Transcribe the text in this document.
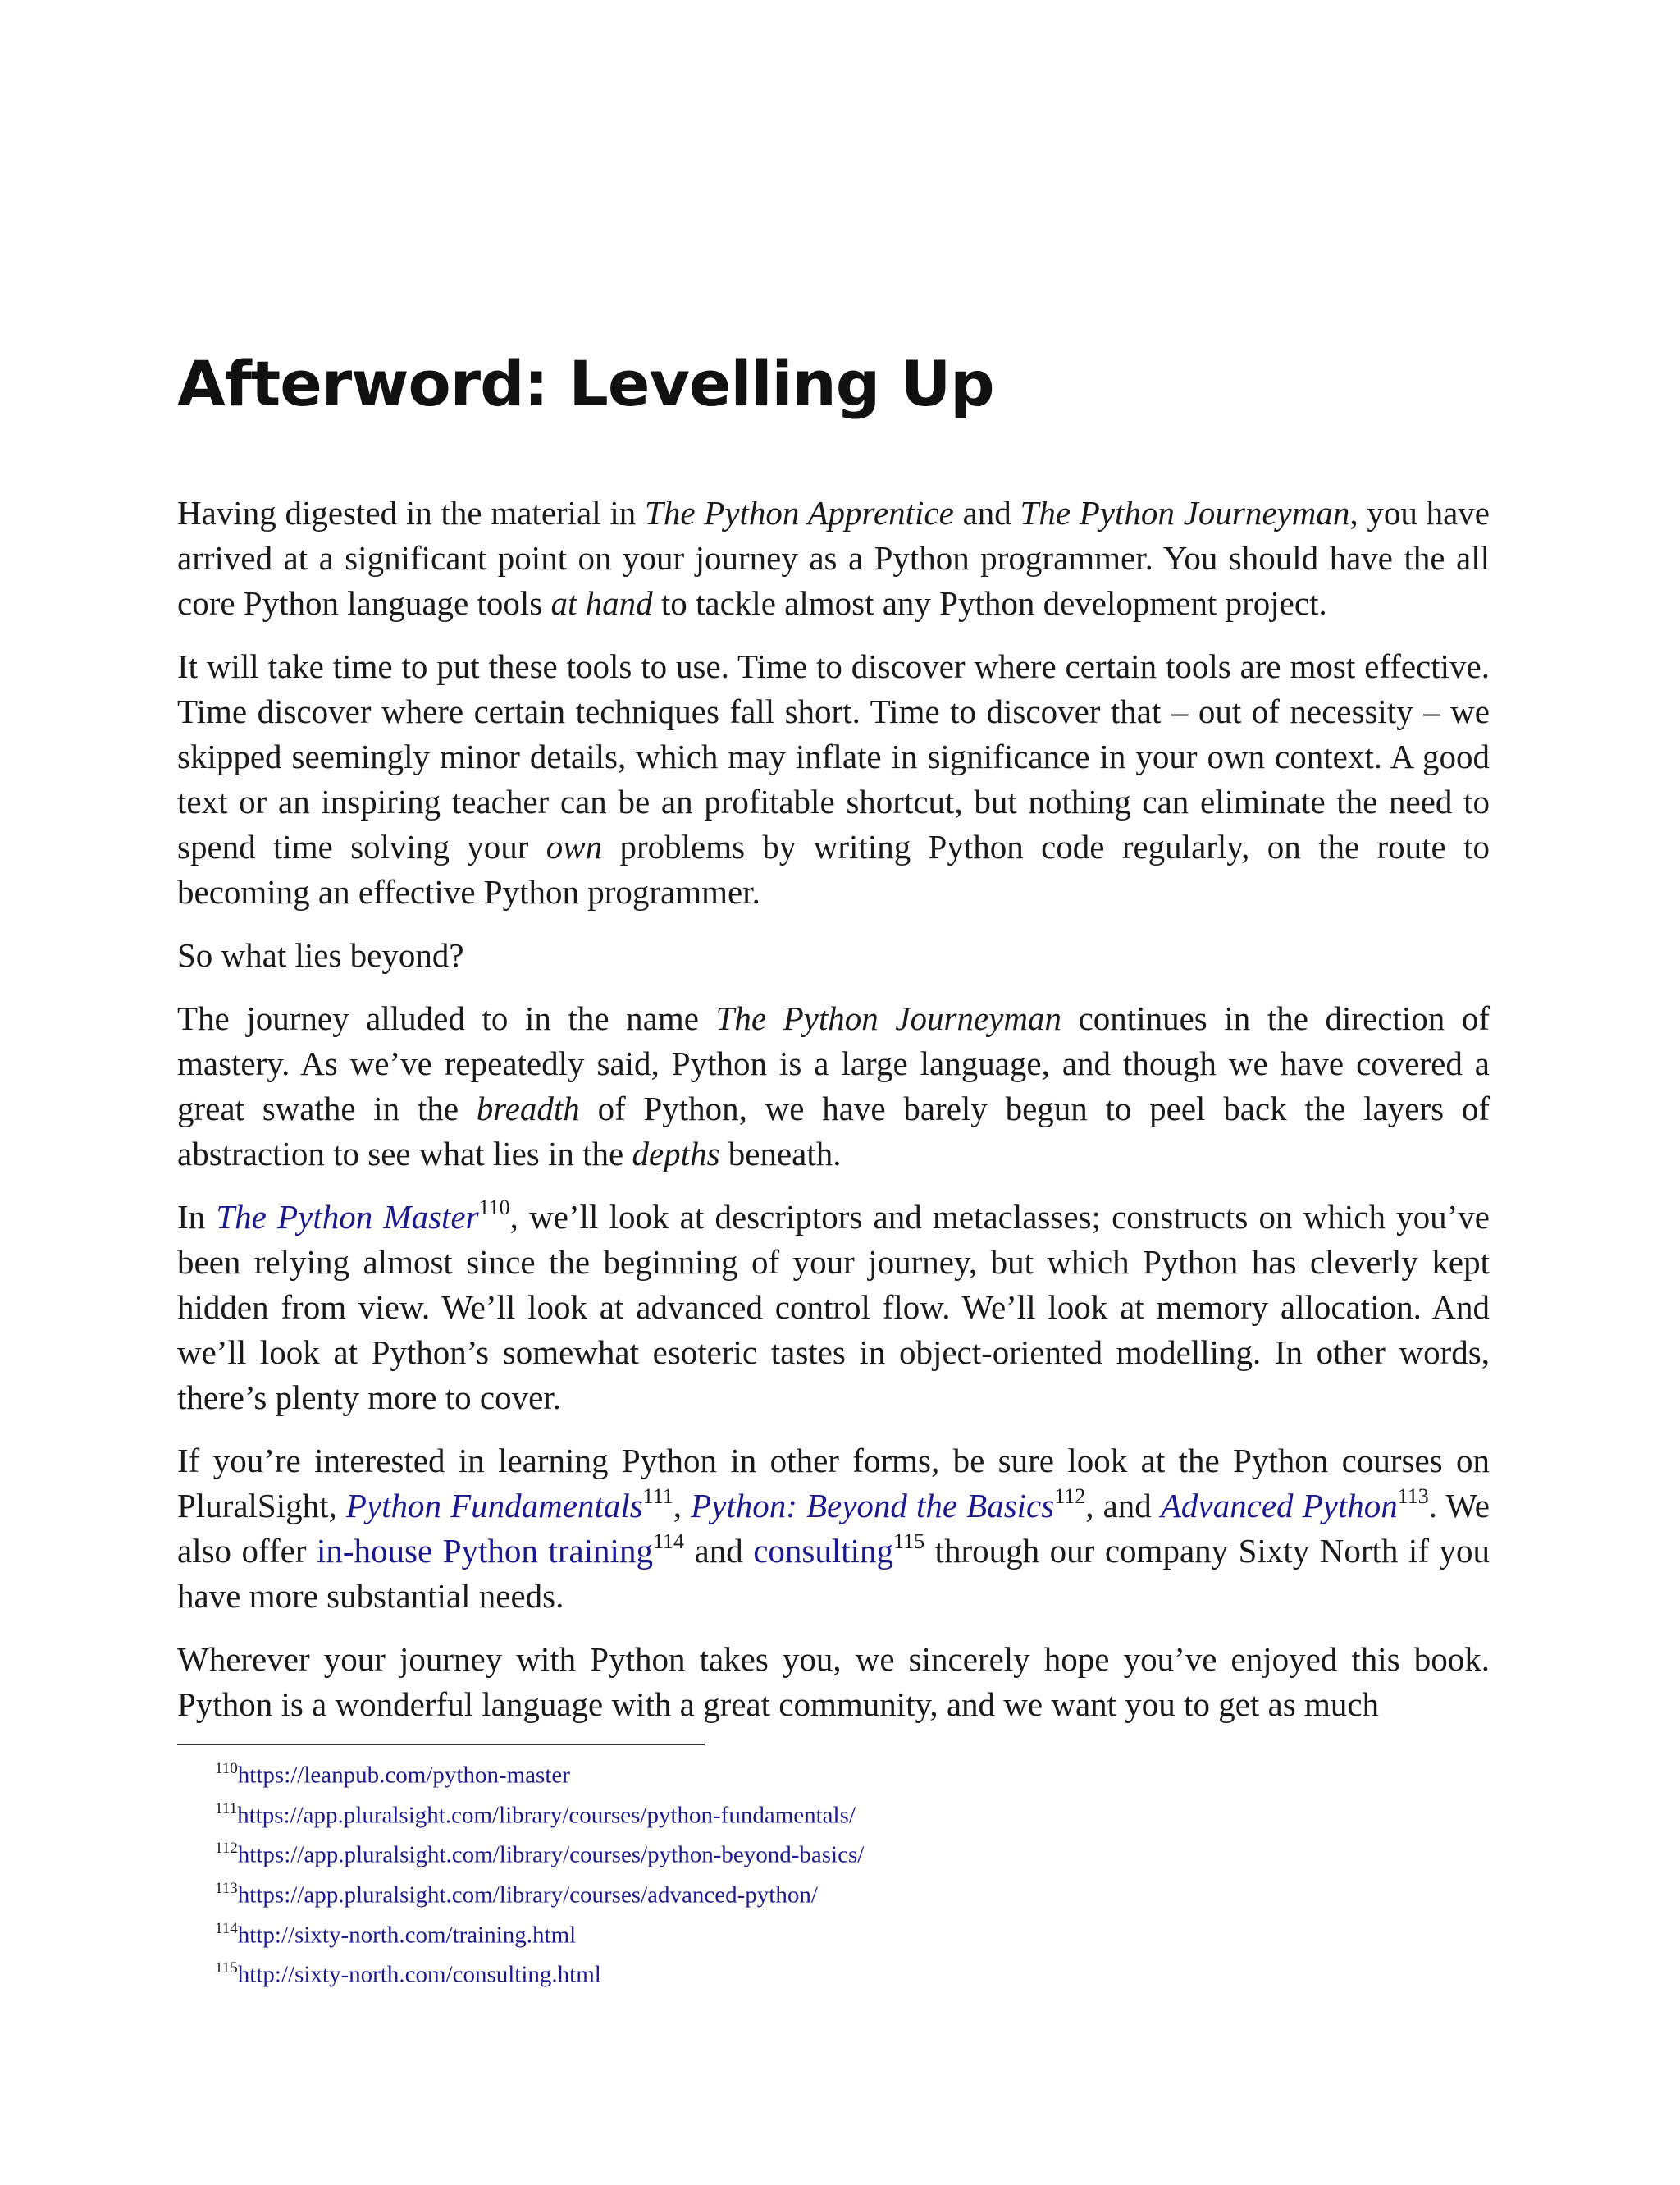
Afterword: Levelling Up

Having digested in the material in The Python Apprentice and The Python Journeyman, you have arrived at a significant point on your journey as a Python programmer. You should have the all core Python language tools at hand to tackle almost any Python development project.

It will take time to put these tools to use. Time to discover where certain tools are most effective. Time discover where certain techniques fall short. Time to discover that – out of necessity – we skipped seemingly minor details, which may inflate in significance in your own context. A good text or an inspiring teacher can be an profitable shortcut, but nothing can eliminate the need to spend time solving your own problems by writing Python code regularly, on the route to becoming an effective Python programmer.

So what lies beyond?

The journey alluded to in the name The Python Journeyman continues in the direction of mastery. As we’ve repeatedly said, Python is a large language, and though we have covered a great swathe in the breadth of Python, we have barely begun to peel back the layers of abstraction to see what lies in the depths beneath.

In The Python Master$^{110}$, we’ll look at descriptors and metaclasses; constructs on which you’ve been relying almost since the beginning of your journey, but which Python has cleverly kept hidden from view. We’ll look at advanced control flow. We’ll look at memory allocation. And we’ll look at Python’s somewhat esoteric tastes in object-oriented modelling. In other words, there’s plenty more to cover.

If you’re interested in learning Python in other forms, be sure look at the Python courses on PluralSight, Python Fundamentals$^{111}$, Python: Beyond the Basics$^{112}$, and Advanced Python$^{113}$. We also offer in-house Python training$^{114}$ and consulting$^{115}$ through our company Sixty North if you have more substantial needs.

Wherever your journey with Python takes you, we sincerely hope you’ve enjoyed this book. Python is a wonderful language with a great community, and we want you to get as much

$^{110}$https://leanpub.com/python-master
$^{111}$https://app.pluralsight.com/library/courses/python-fundamentals/
$^{112}$https://app.pluralsight.com/library/courses/python-beyond-basics/
$^{113}$https://app.pluralsight.com/library/courses/advanced-python/
$^{114}$http://sixty-north.com/training.html
$^{115}$http://sixty-north.com/consulting.html
